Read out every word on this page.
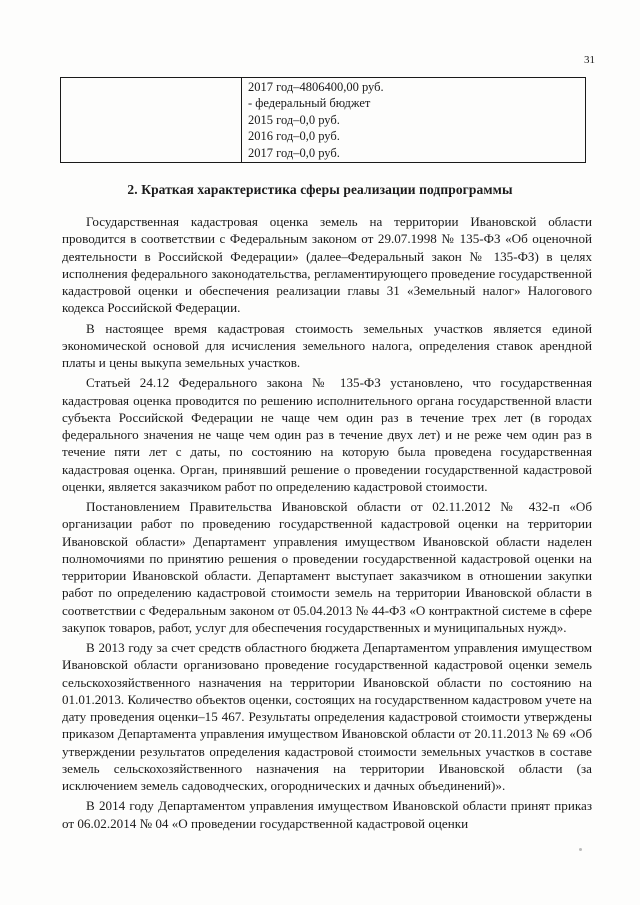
31

2017 год–4806400,00 руб.
- федеральный бюджет
2015 год–0,0 руб.
2016 год–0,0 руб.
2017 год–0,0 руб.
2. Краткая характеристика сферы реализации подпрограммы

Государственная кадастровая оценка земель на территории Ивановской области проводится в соответствии с Федеральным законом от 29.07.1998 № 135-ФЗ «Об оценочной деятельности в Российской Федерации» (далее–Федеральный закон № 135-ФЗ) в целях исполнения федерального законодательства, регламентирующего проведение государственной кадастровой оценки и обеспечения реализации главы 31 «Земельный налог» Налогового кодекса Российской Федерации.

В настоящее время кадастровая стоимость земельных участков является единой экономической основой для исчисления земельного налога, определения ставок арендной платы и цены выкупа земельных участков.

Статьей 24.12 Федерального закона № 135-ФЗ установлено, что государственная кадастровая оценка проводится по решению исполнительного органа государственной власти субъекта Российской Федерации не чаще чем один раз в течение трех лет (в городах федерального значения не чаще чем один раз в течение двух лет) и не реже чем один раз в течение пяти лет с даты, по состоянию на которую была проведена государственная кадастровая оценка. Орган, принявший решение о проведении государственной кадастровой оценки, является заказчиком работ по определению кадастровой стоимости.

Постановлением Правительства Ивановской области от 02.11.2012 № 432-п «Об организации работ по проведению государственной кадастровой оценки на территории Ивановской области» Департамент управления имуществом Ивановской области наделен полномочиями по принятию решения о проведении государственной кадастровой оценки на территории Ивановской области. Департамент выступает заказчиком в отношении закупки работ по определению кадастровой стоимости земель на территории Ивановской области в соответствии с Федеральным законом от 05.04.2013 № 44-ФЗ «О контрактной системе в сфере закупок товаров, работ, услуг для обеспечения государственных и муниципальных нужд».

В 2013 году за счет средств областного бюджета Департаментом управления имуществом Ивановской области организовано проведение государственной кадастровой оценки земель сельскохозяйственного назначения на территории Ивановской области по состоянию на 01.01.2013. Количество объектов оценки, состоящих на государственном кадастровом учете на дату проведения оценки–15 467. Результаты определения кадастровой стоимости утверждены приказом Департамента управления имуществом Ивановской области от 20.11.2013 № 69 «Об утверждении результатов определения кадастровой стоимости земельных участков в составе земель сельскохозяйственного назначения на территории Ивановской области (за исключением земель садоводческих, огороднических и дачных объединений)».

В 2014 году Департаментом управления имуществом Ивановской области принят приказ от 06.02.2014 № 04 «О проведении государственной кадастровой оценки
